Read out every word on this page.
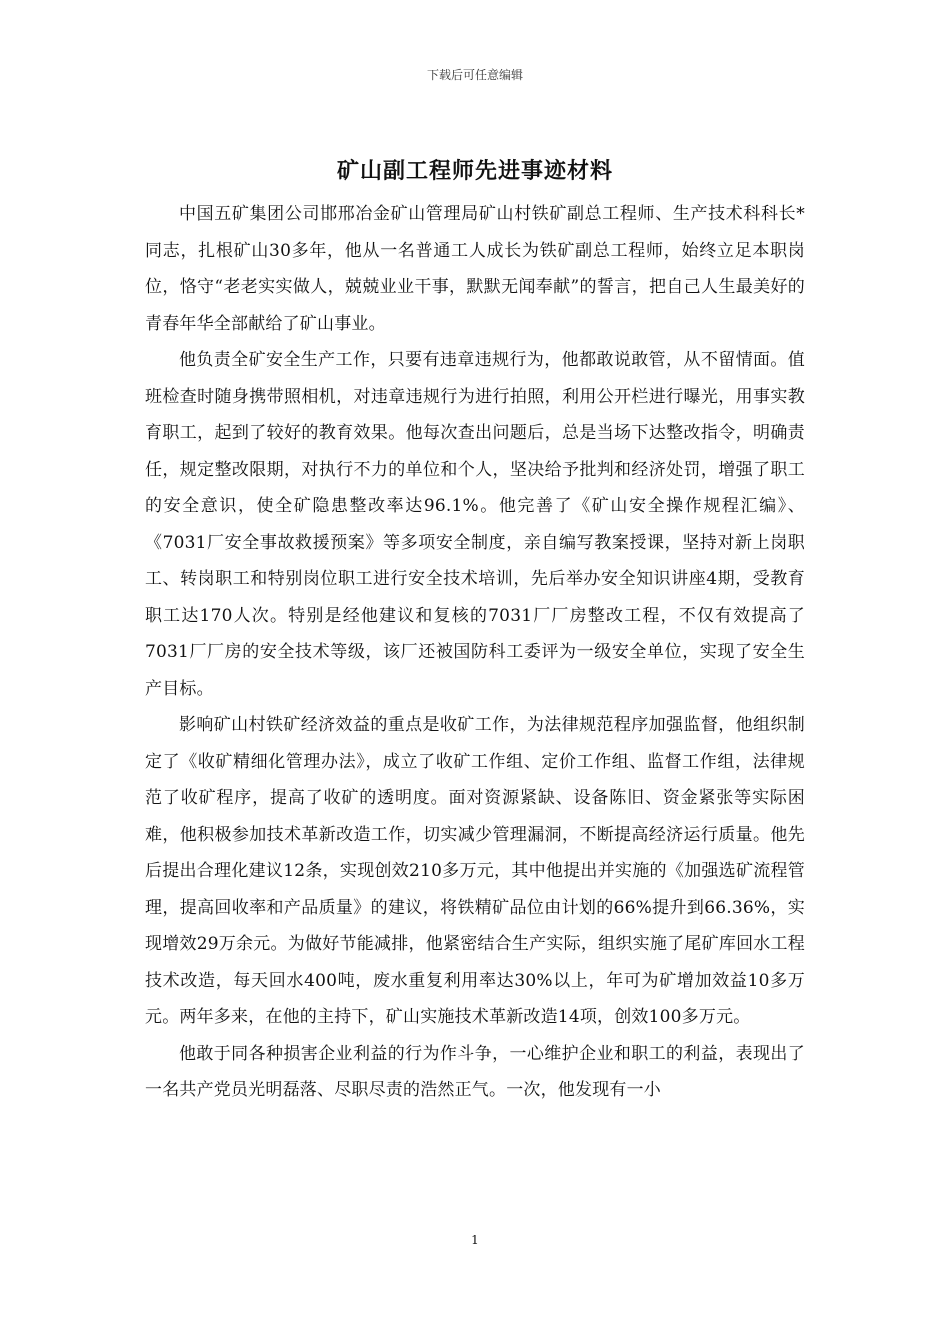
下载后可任意编辑
矿山副工程师先进事迹材料

中国五矿集团公司邯邢冶金矿山管理局矿山村铁矿副总工程师、生产技术科科长*同志，扎根矿山30多年，他从一名普通工人成长为铁矿副总工程师，始终立足本职岗位，恪守“老老实实做人，兢兢业业干事，默默无闻奉献”的誓言，把自己人生最美好的青春年华全部献给了矿山事业。

他负责全矿安全生产工作，只要有违章违规行为，他都敢说敢管，从不留情面。值班检查时随身携带照相机，对违章违规行为进行拍照，利用公开栏进行曝光，用事实教育职工，起到了较好的教育效果。他每次查出问题后，总是当场下达整改指令，明确责任，规定整改限期，对执行不力的单位和个人，坚决给予批判和经济处罚，增强了职工的安全意识，使全矿隐患整改率达96.1%。他完善了《矿山安全操作规程汇编》、《7031厂安全事故救援预案》等多项安全制度，亲自编写教案授课，坚持对新上岗职工、转岗职工和特别岗位职工进行安全技术培训，先后举办安全知识讲座4期，受教育职工达170人次。特别是经他建议和复核的7031厂厂房整改工程，不仅有效提高了7031厂厂房的安全技术等级，该厂还被国防科工委评为一级安全单位，实现了安全生产目标。

影响矿山村铁矿经济效益的重点是收矿工作，为法律规范程序加强监督，他组织制定了《收矿精细化管理办法》，成立了收矿工作组、定价工作组、监督工作组，法律规范了收矿程序，提高了收矿的透明度。面对资源紧缺、设备陈旧、资金紧张等实际困难，他积极参加技术革新改造工作，切实减少管理漏洞，不断提高经济运行质量。他先后提出合理化建议12条，实现创效210多万元，其中他提出并实施的《加强选矿流程管理，提高回收率和产品质量》的建议，将铁精矿品位由计划的66%提升到66.36%，实现增效29万余元。为做好节能减排，他紧密结合生产实际，组织实施了尾矿库回水工程技术改造，每天回水400吨，废水重复利用率达30%以上，年可为矿增加效益10多万元。两年多来，在他的主持下，矿山实施技术革新改造14项，创效100多万元。

他敢于同各种损害企业利益的行为作斗争，一心维护企业和职工的利益，表现出了一名共产党员光明磊落、尽职尽责的浩然正气。一次，他发现有一小

1
